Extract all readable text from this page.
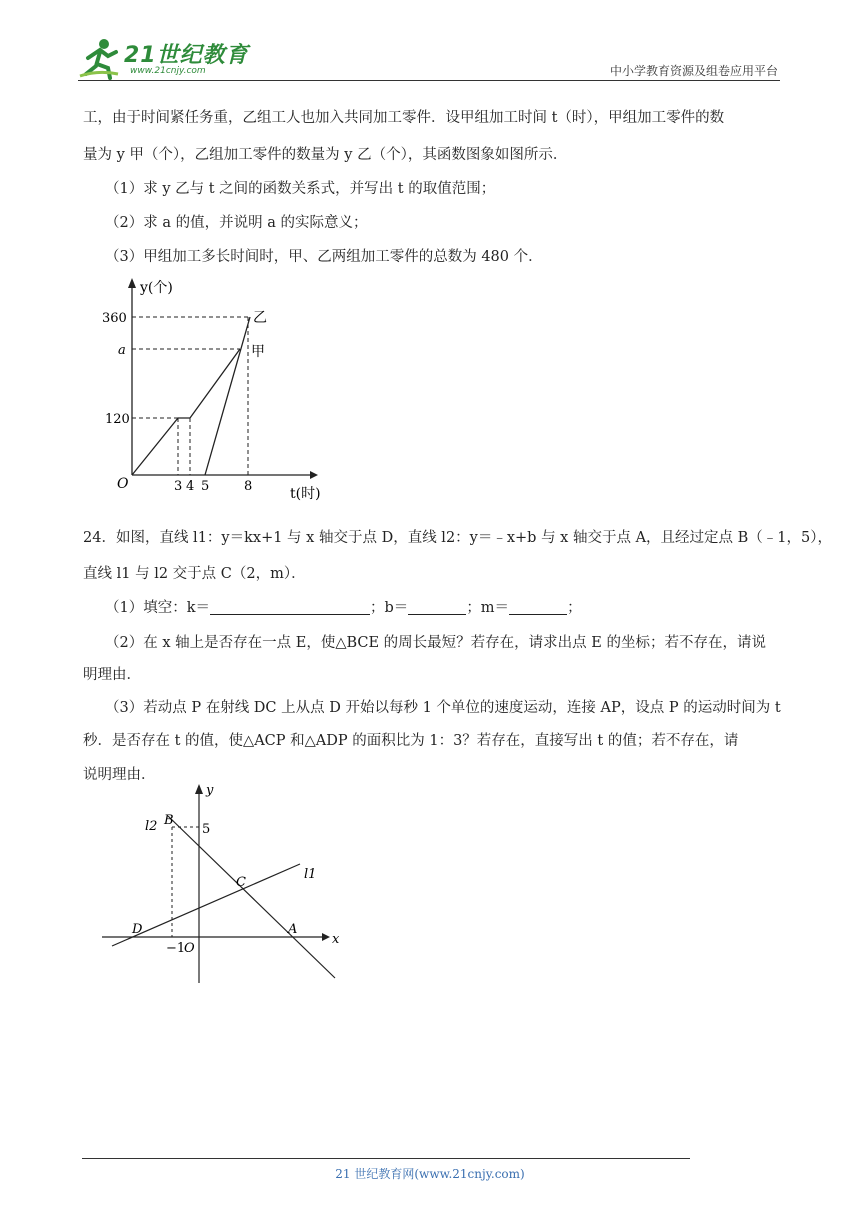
21世纪教育
www.21cnjy.com	中小学教育资源及组卷应用平台
工，由于时间紧任务重，乙组工人也加入共同加工零件．设甲组加工时间 t（时），甲组加工零件的数
量为 y 甲（个），乙组加工零件的数量为 y 乙（个），其函数图象如图所示．
（1）求 y 乙与 t 之间的函数关系式，并写出 t 的取值范围；
（2）求 a 的值，并说明 a 的实际意义；
（3）甲组加工多长时间时，甲、乙两组加工零件的总数为 480 个．
y(个)
t(时)
O
360
a
120
3 4 5	8
乙
甲
24．如图，直线 l1：y＝kx+1 与 x 轴交于点 D，直线 l2：y＝﹣x+b 与 x 轴交于点 A，且经过定点 B（﹣1，5），
直线 l1 与 l2 交于点 C（2，m）．
（1）填空：k＝	；b＝	；m＝	；
（2）在 x 轴上是否存在一点 E，使△BCE 的周长最短？若存在，请求出点 E 的坐标；若不存在，请说
明理由．
（3）若动点 P 在射线 DC 上从点 D 开始以每秒 1 个单位的速度运动，连接 AP，设点 P 的运动时间为 t
秒．是否存在 t 的值，使△ACP 和△ADP 的面积比为 1：3？若存在，直接写出 t 的值；若不存在，请
说明理由．
y
x
l2
l1
B
5
C
D	A
−1
O
21 世纪教育网(www.21cnjy.com)
